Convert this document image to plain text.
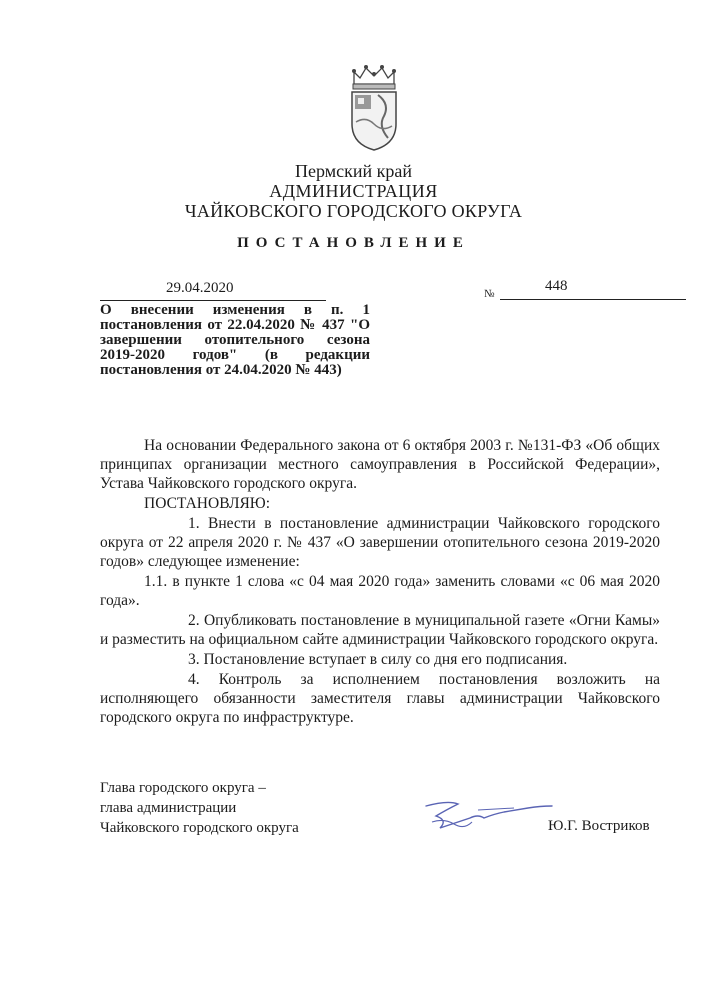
Пермский край
АДМИНИСТРАЦИЯ
ЧАЙКОВСКОГО ГОРОДСКОГО ОКРУГА
ПОСТАНОВЛЕНИЕ
29.04.2020	№	448
О внесении изменения в п. 1 постановления от 22.04.2020 № 437 "О завершении отопительного сезона 2019-2020 годов" (в редакции постановления от 24.04.2020 № 443)

На основании Федерального закона от 6 октября 2003 г. №131-ФЗ «Об общих принципах организации местного самоуправления в Российской Федерации», Устава Чайковского городского округа.

ПОСТАНОВЛЯЮ:

1. Внести в постановление администрации Чайковского городского округа от 22 апреля 2020 г. № 437 «О завершении отопительного сезона 2019-2020 годов» следующее изменение:

1.1. в пункте 1 слова «с 04 мая 2020 года» заменить словами «с 06 мая 2020 года».

2. Опубликовать постановление в муниципальной газете «Огни Камы» и разместить на официальном сайте администрации Чайковского городского округа.

3. Постановление вступает в силу со дня его подписания.

4. Контроль за исполнением постановления возложить на исполняющего обязанности заместителя главы администрации Чайковского городского округа по инфраструктуре.

Глава городского округа –
глава администрации
Чайковского городского округа	Ю.Г. Востриков
